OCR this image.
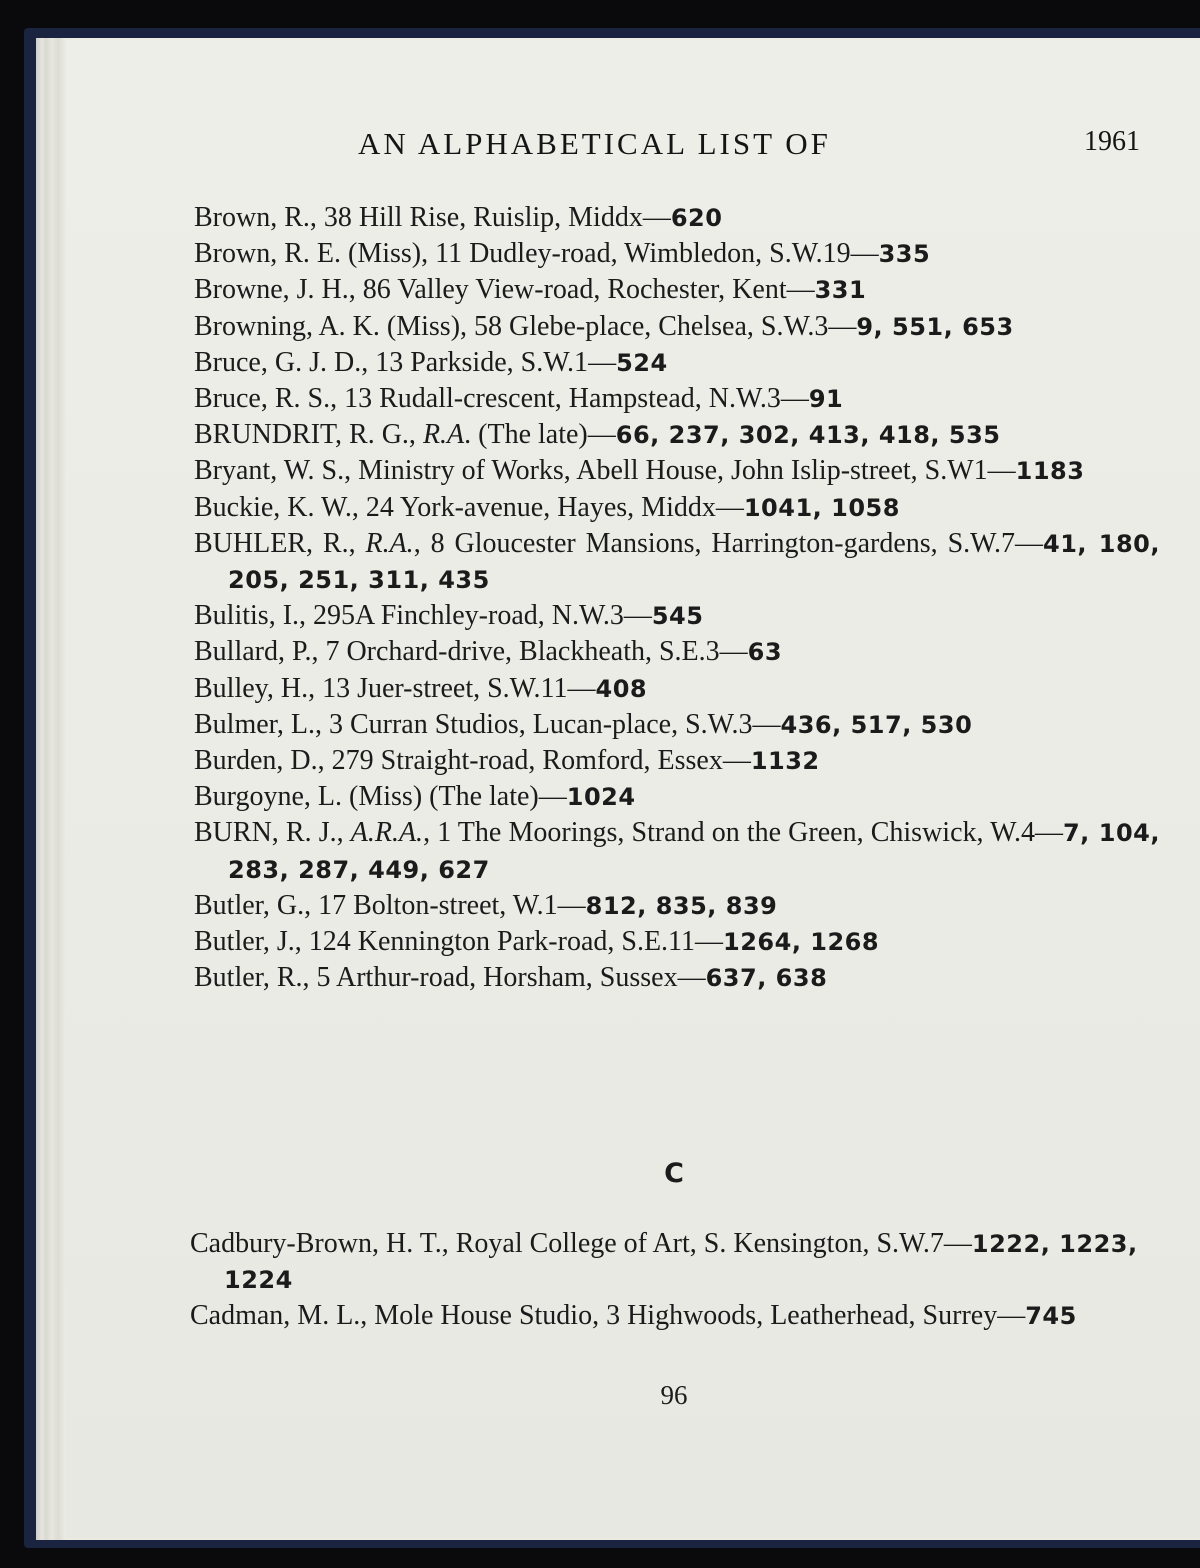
AN ALPHABETICAL LIST OF	1961
Brown, R., 38 Hill Rise, Ruislip, Middx—620
Brown, R. E. (Miss), 11 Dudley-road, Wimbledon, S.W.19—335
Browne, J. H., 86 Valley View-road, Rochester, Kent—331
Browning, A. K. (Miss), 58 Glebe-place, Chelsea, S.W.3—9, 551, 653
Bruce, G. J. D., 13 Parkside, S.W.1—524
Bruce, R. S., 13 Rudall-crescent, Hampstead, N.W.3—91
BRUNDRIT, R. G., R.A. (The late)—66, 237, 302, 413, 418, 535
Bryant, W. S., Ministry of Works, Abell House, John Islip-street, S.W1—1183
Buckie, K. W., 24 York-avenue, Hayes, Middx—1041, 1058
BUHLER, R., R.A., 8 Gloucester Mansions, Harrington-gardens, S.W.7—41, 180, 205, 251, 311, 435
Bulitis, I., 295A Finchley-road, N.W.3—545
Bullard, P., 7 Orchard-drive, Blackheath, S.E.3—63
Bulley, H., 13 Juer-street, S.W.11—408
Bulmer, L., 3 Curran Studios, Lucan-place, S.W.3—436, 517, 530
Burden, D., 279 Straight-road, Romford, Essex—1132
Burgoyne, L. (Miss) (The late)—1024
BURN, R. J., A.R.A., 1 The Moorings, Strand on the Green, Chiswick, W.4—7, 104, 283, 287, 449, 627
Butler, G., 17 Bolton-street, W.1—812, 835, 839
Butler, J., 124 Kennington Park-road, S.E.11—1264, 1268
Butler, R., 5 Arthur-road, Horsham, Sussex—637, 638
C
Cadbury-Brown, H. T., Royal College of Art, S. Kensington, S.W.7—1222, 1223, 1224
Cadman, M. L., Mole House Studio, 3 Highwoods, Leatherhead, Surrey—745
96
